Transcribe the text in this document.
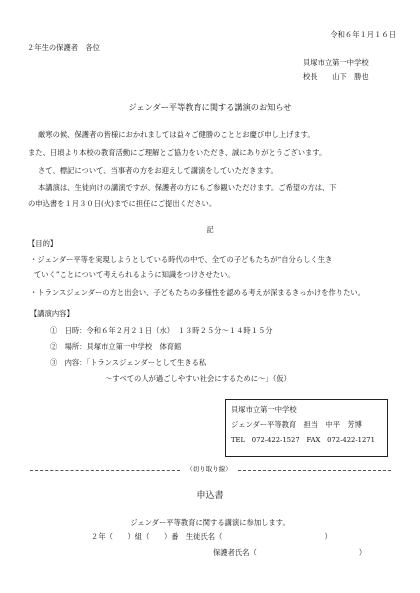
令和６年１月１６日
２年生の保護者　各位
貝塚市立第一中学校
校長　　山下　勝也
ジェンダー平等教育に関する講演のお知らせ
厳寒の候、保護者の皆様におかれましては益々ご健勝のこととお慶び申し上げます。
また、日頃より本校の教育活動にご理解とご協力をいただき、誠にありがとうございます。
さて、標記について、当事者の方をお迎えして講演をしていただきます。
本講演は、生徒向けの講演ですが、保護者の方にもご参観いただけます。ご希望の方は、下
の申込書を１月３０日(火)までに担任にご提出ください。
記
【目的】
・ジェンダー平等を実現しようとしている時代の中で、全ての子どもたちが“自分らしく生き
ていく”ことについて考えられるように知識をつけさせたい。
・トランスジェンダーの方と出会い、子どもたちの多様性を認める考えが深まるきっかけを作りたい。
【講演内容】
①　日時：令和６年２月２１日（水）　１３時２５分～１４時１５分
②　場所：貝塚市立第一中学校　体育館
③　内容：「トランスジェンダーとして生きる私
～すべての人が過ごしやすい社会にするために～」（仮）
貝塚市立第一中学校
ジェンダー平等教育　担当　中平　芳博
TEL　072-422-1527　FAX　072-422-1271
（切り取り線）
申込書
ジェンダー平等教育に関する講演に参加します。
２年（　　）組（　　）番　生徒氏名（　　　　　　　　　　　　　　）
保護者氏名（　　　　　　　　　　　　　　）
